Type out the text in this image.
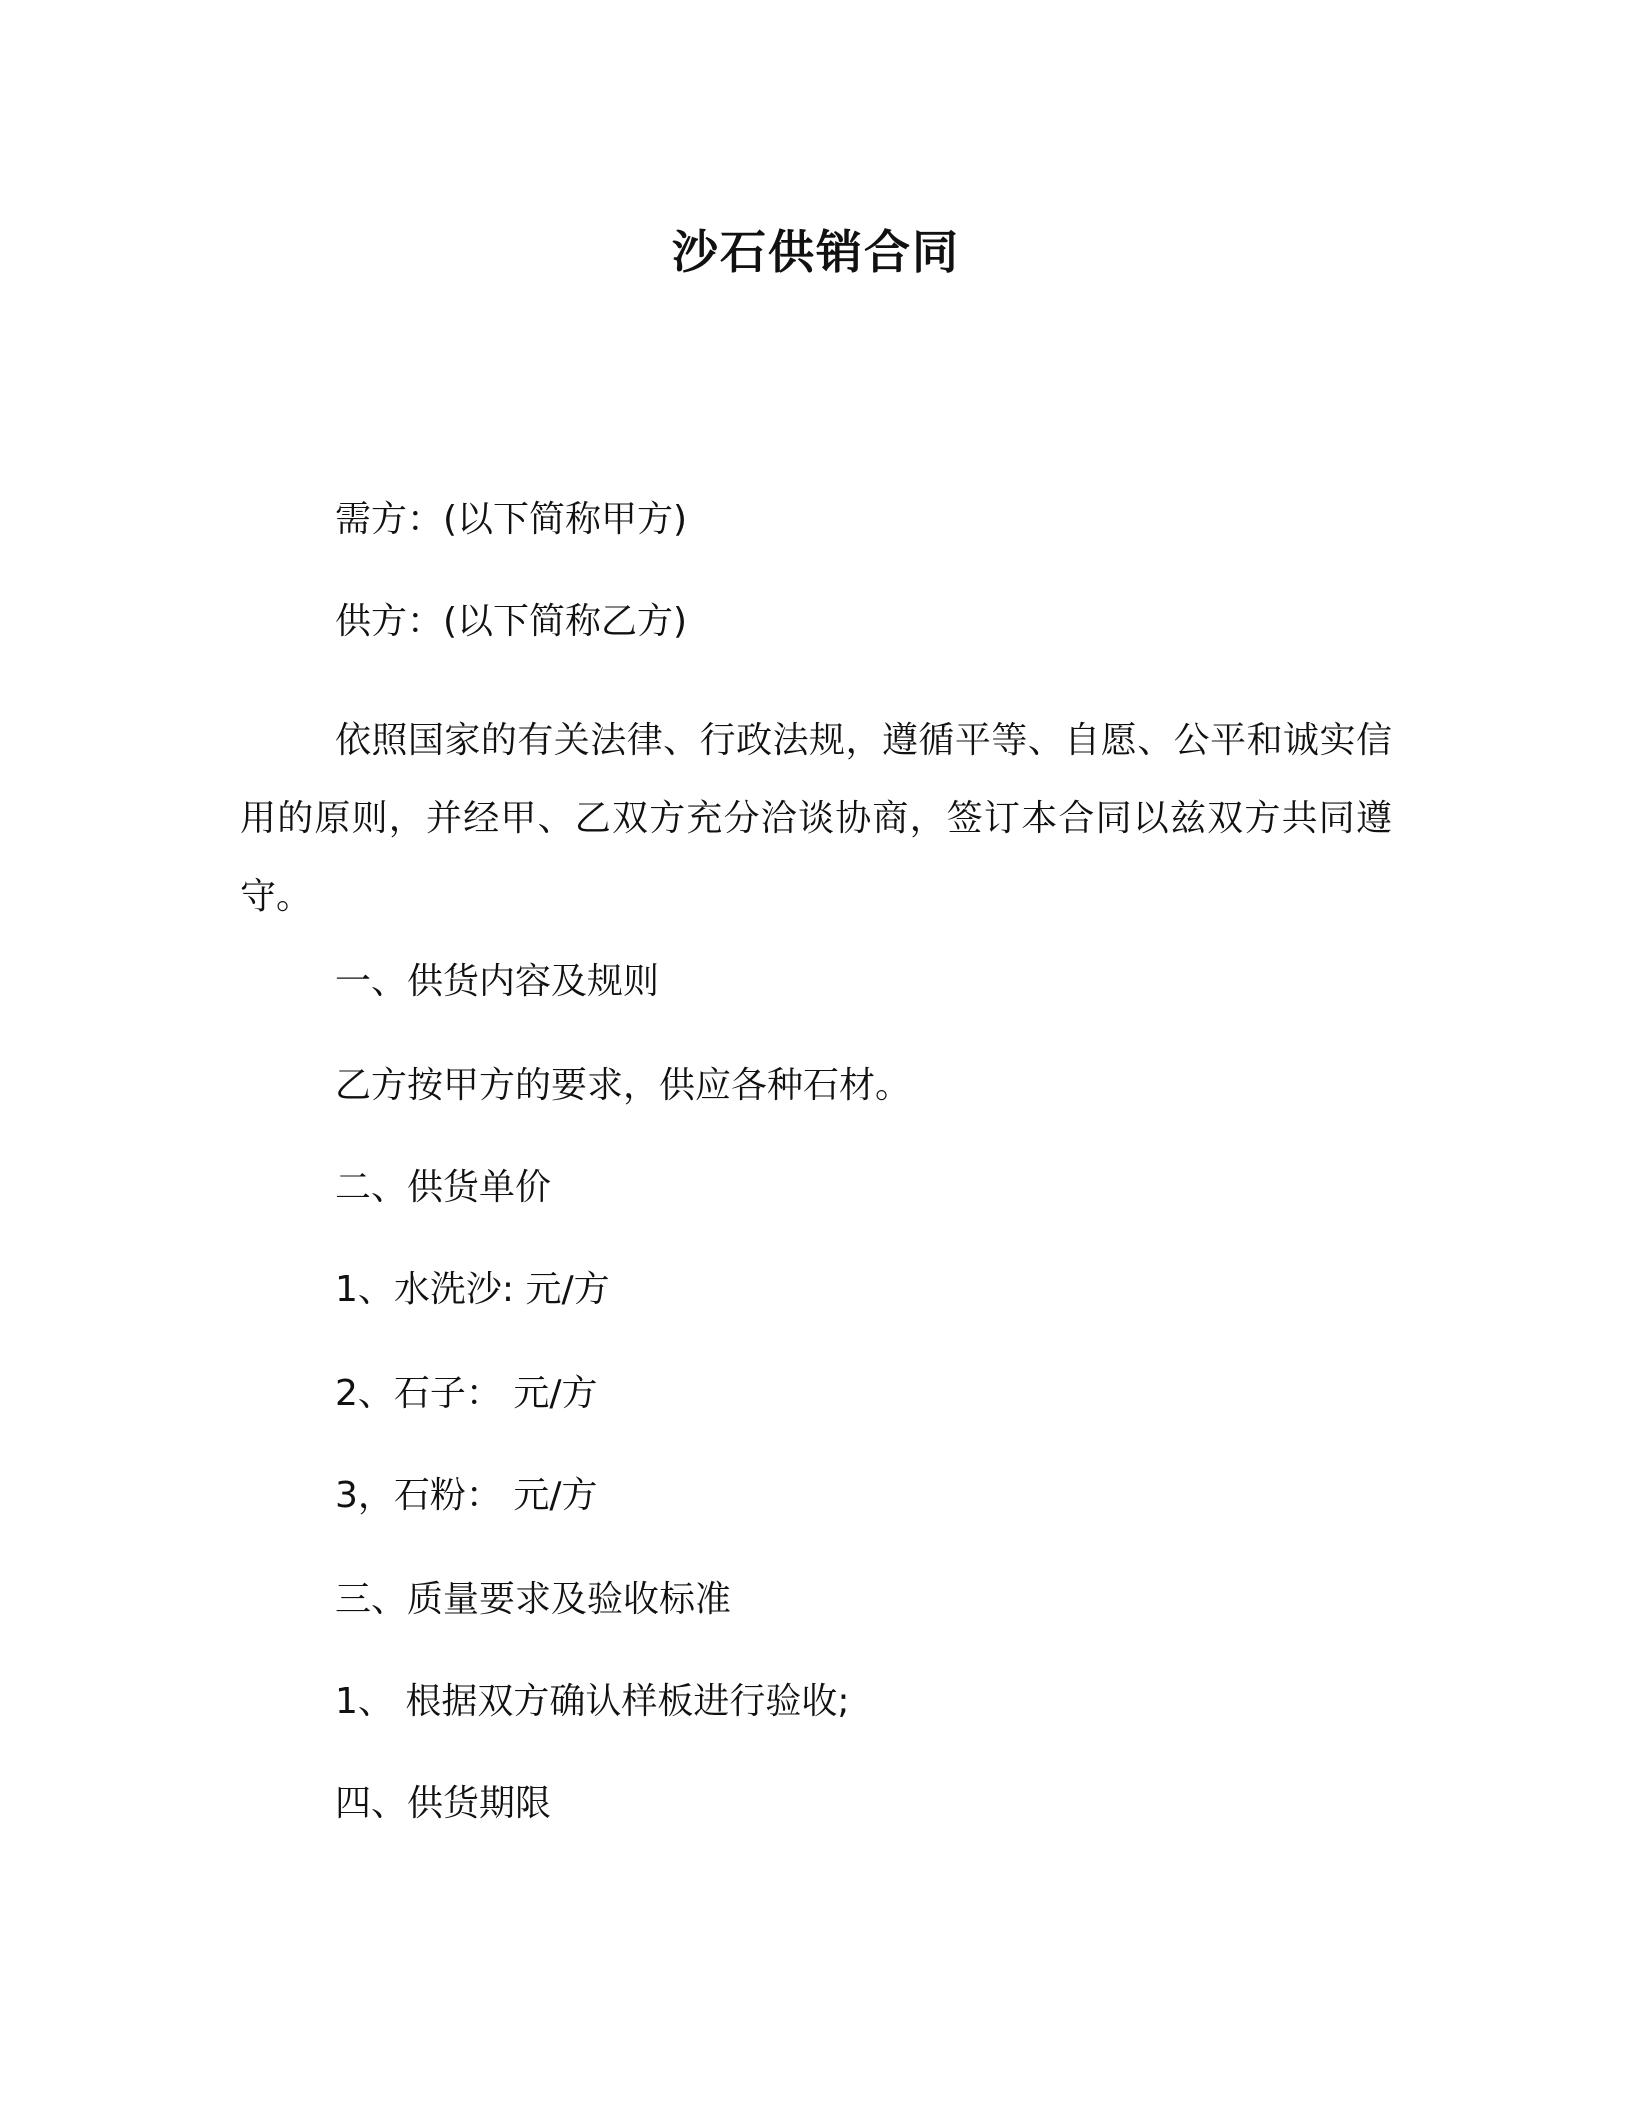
沙石供销合同
需方：(以下简称甲方)
供方：(以下简称乙方)
依照国家的有关法律、行政法规，遵循平等、自愿、公平和诚实信用的原则，并经甲、乙双方充分洽谈协商，签订本合同以兹双方共同遵守。
一、供货内容及规则
乙方按甲方的要求，供应各种石材。
二、供货单价
1、水洗沙: 元/方
2、石子： 元/方
3，石粉： 元/方
三、质量要求及验收标准
1、 根据双方确认样板进行验收;
四、供货期限
